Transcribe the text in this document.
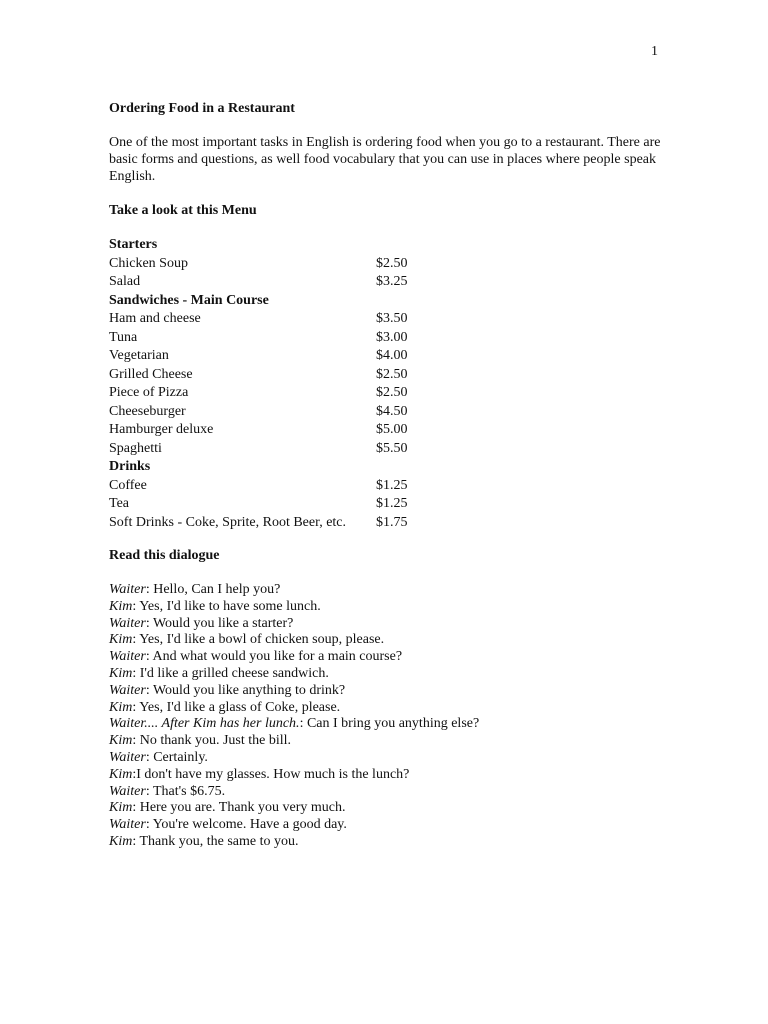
1

Ordering Food in a Restaurant

One of the most important tasks in English is ordering food when you go to a restaurant. There are basic forms and questions, as well food vocabulary that you can use in places where people speak English.

Take a look at this Menu

Starters
Chicken Soup	$2.50
Salad	$3.25
Sandwiches - Main Course
Ham and cheese	$3.50
Tuna	$3.00
Vegetarian	$4.00
Grilled Cheese	$2.50
Piece of Pizza	$2.50
Cheeseburger	$4.50
Hamburger deluxe	$5.00
Spaghetti	$5.50
Drinks
Coffee	$1.25
Tea	$1.25
Soft Drinks - Coke, Sprite, Root Beer, etc.	$1.75

Read this dialogue

Waiter: Hello, Can I help you?
Kim: Yes, I'd like to have some lunch.
Waiter: Would you like a starter?
Kim: Yes, I'd like a bowl of chicken soup, please.
Waiter: And what would you like for a main course?
Kim: I'd like a grilled cheese sandwich.
Waiter: Would you like anything to drink?
Kim: Yes, I'd like a glass of Coke, please.
Waiter.... After Kim has her lunch.: Can I bring you anything else?
Kim: No thank you. Just the bill.
Waiter: Certainly.
Kim:I don't have my glasses. How much is the lunch?
Waiter: That's $6.75.
Kim: Here you are. Thank you very much.
Waiter: You're welcome. Have a good day.
Kim: Thank you, the same to you.
